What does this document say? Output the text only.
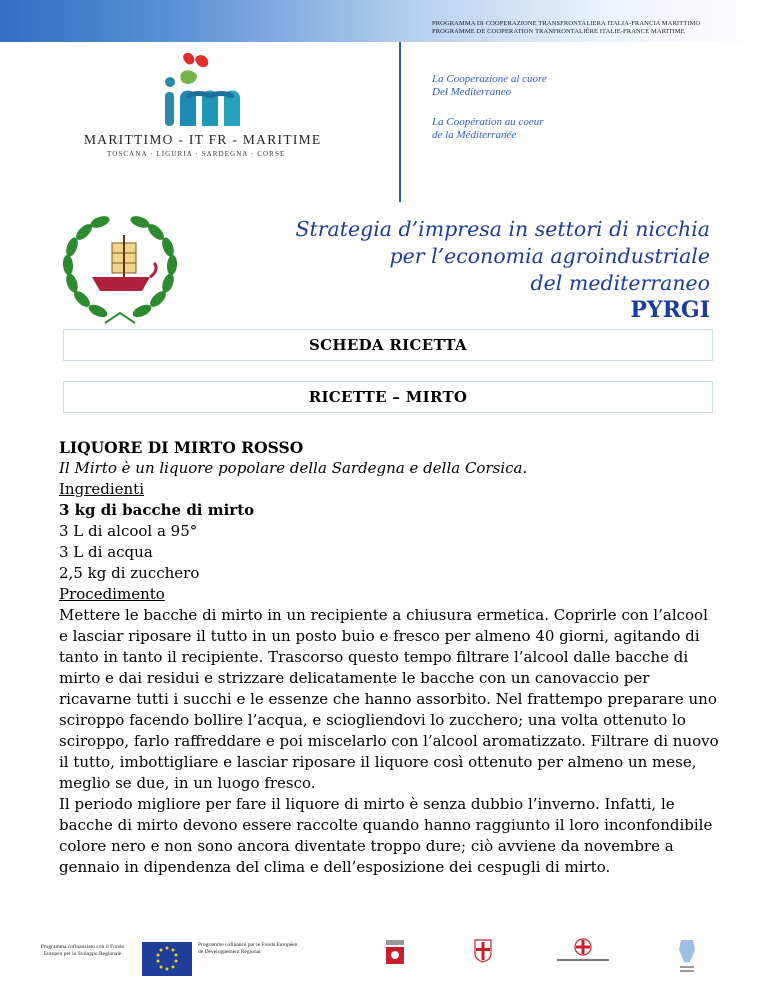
PROGRAMMA DI COOPERAZIONE TRANSFRONTALIERA ITALIA-FRANCIA MARITTIMO
PROGRAMME DE COOPERATION TRANFRONTALIÈRE ITALIE-FRANCE MARITIME
MARITTIMO - IT FR - MARITIME
TOSCANA · LIGURIA · SARDEGNA · CORSE
La Cooperazione al cuore
Del Mediterraneo
La Coopération au coeur
de la Méditerranée
Strategia d’impresa in settori di nicchia
per l’economia agroindustriale
del mediterraneo
PYRGI
SCHEDA RICETTA
RICETTE – MIRTO

LIQUORE DI MIRTO ROSSO

Il Mirto è un liquore popolare della Sardegna e della Corsica.

Ingredienti

3 kg di bacche di mirto

3 L di alcool a 95°

3 L di acqua

2,5 kg di zucchero

Procedimento

Mettere le bacche di mirto in un recipiente a chiusura ermetica. Coprirle con l’alcool e lasciar riposare il tutto in un posto buio e fresco per almeno 40 giorni, agitando di tanto in tanto il recipiente. Trascorso questo tempo filtrare l’alcool dalle bacche di mirto e dai residui e strizzare delicatamente le bacche con un canovaccio per ricavarne tutti i succhi e le essenze che hanno assorbito. Nel frattempo preparare uno sciroppo facendo bollire l’acqua, e sciogliendovi lo zucchero; una volta ottenuto lo sciroppo, farlo raffreddare e poi miscelarlo con l’alcool aromatizzato. Filtrare di nuovo il tutto, imbottigliare e lasciar riposare il liquore così ottenuto per almeno un mese, meglio se due, in un luogo fresco.

Il periodo migliore per fare il liquore di mirto è senza dubbio l’inverno. Infatti, le bacche di mirto devono essere raccolte quando hanno raggiunto il loro inconfondibile colore nero e non sono ancora diventate troppo dure; ciò avviene da novembre a gennaio in dipendenza del clima e dell’esposizione dei cespugli di mirto.

Programma cofinanziato con il Fondo
Europeo per lo Sviluppo Regionale
Programme cofinancé par le Fonds Européen
de Développement Régional
